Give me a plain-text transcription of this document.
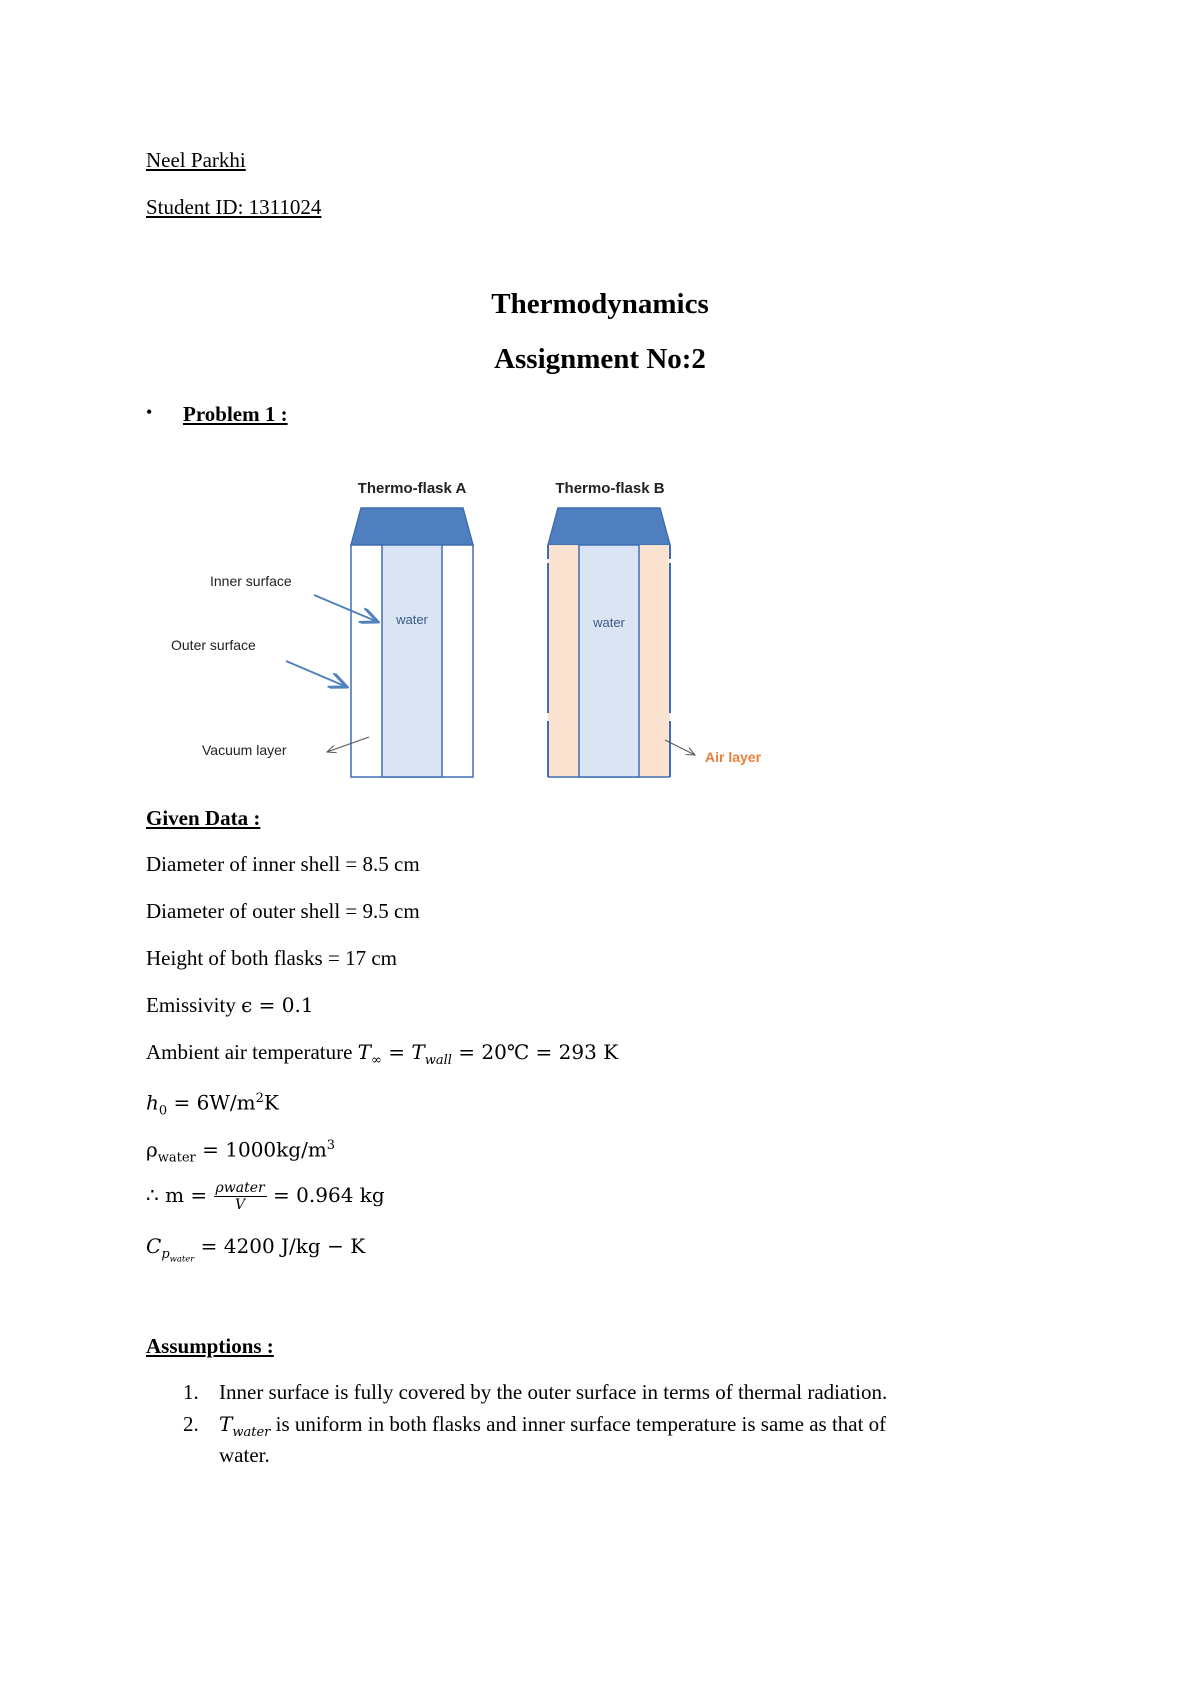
Neel Parkhi

Student ID: 1311024

Thermodynamics

Assignment No:2

• Problem 1 :

Thermo-flask A
water
Inner surface
Outer surface
Vacuum layer
Thermo-flask B
water
Air layer

Given Data :

Diameter of inner shell = 8.5 cm

Diameter of outer shell = 9.5 cm

Height of both flasks = 17 cm

Emissivity ϵ = 0.1

Ambient air temperature $T_\infty = T_{wall}$ = 20℃ = 293 K

$h_0 = 6W/m^2K$

$\rho_{water} = 1000kg/m^3$

∴ $m = \frac{\text{ρwater}}{V} = 0.964$ kg

$C_{p_{water}} = 4200$ J/kg − K

Assumptions :

1. Inner surface is fully covered by the outer surface in terms of thermal radiation.

2. $T_{water}$ is uniform in both flasks and inner surface temperature is same as that of

water.
